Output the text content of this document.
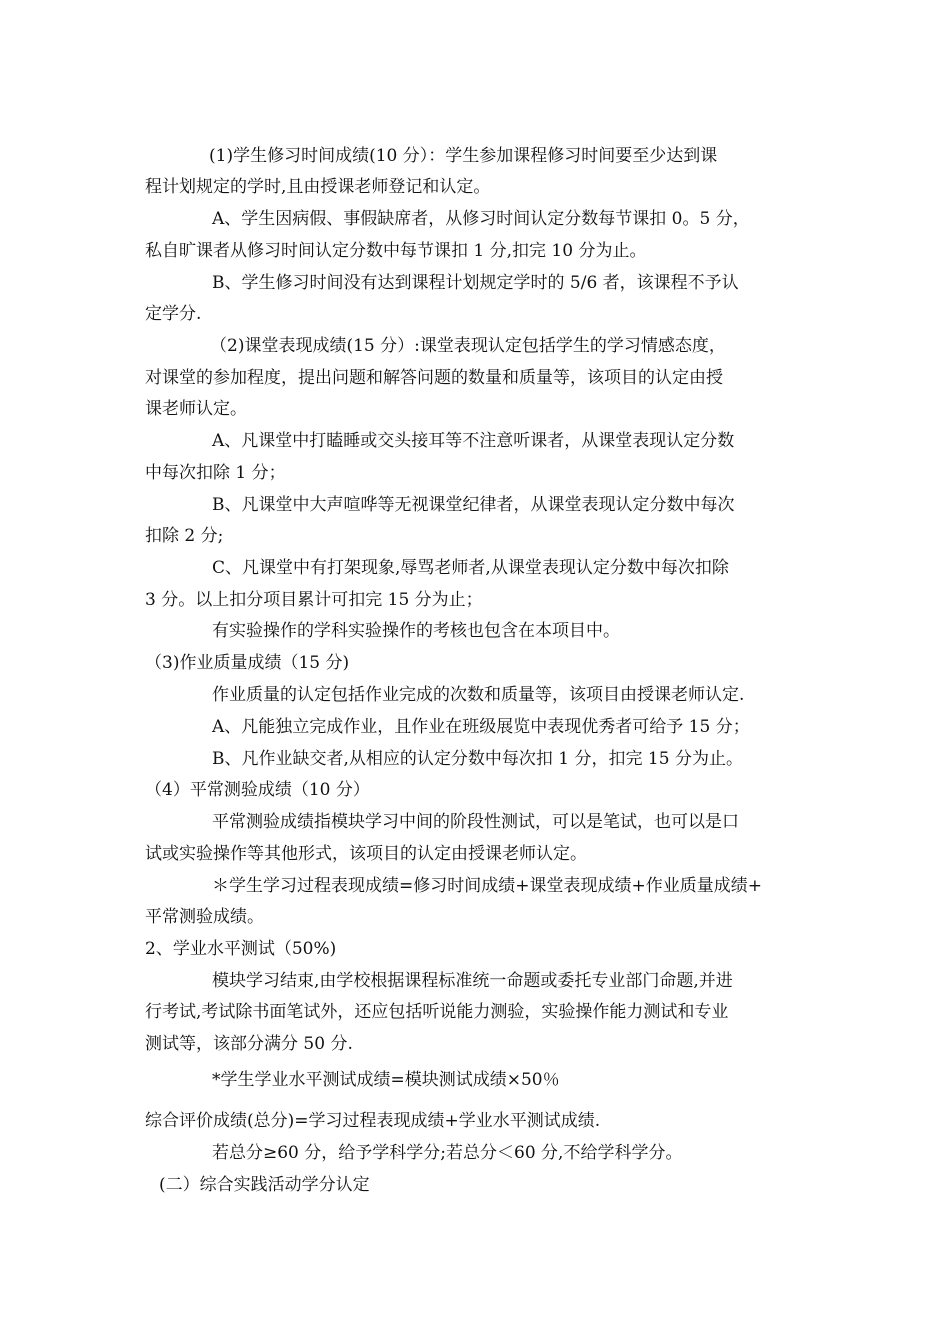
(1)学生修习时间成绩(10 分）：学生参加课程修习时间要至少达到课
程计划规定的学时,且由授课老师登记和认定。
A、学生因病假、事假缺席者，从修习时间认定分数每节课扣 0。5 分，
私自旷课者从修习时间认定分数中每节课扣 1 分,扣完 10 分为止。
B、学生修习时间没有达到课程计划规定学时的 5/6 者，该课程不予认
定学分.
（2)课堂表现成绩(15 分）:课堂表现认定包括学生的学习情感态度，
对课堂的参加程度，提出问题和解答问题的数量和质量等，该项目的认定由授
课老师认定。
A、凡课堂中打瞌睡或交头接耳等不注意听课者，从课堂表现认定分数
中每次扣除 1 分；
B、凡课堂中大声喧哗等无视课堂纪律者，从课堂表现认定分数中每次
扣除 2 分;
C、凡课堂中有打架现象,辱骂老师者,从课堂表现认定分数中每次扣除
3 分。以上扣分项目累计可扣完 15 分为止；
有实验操作的学科实验操作的考核也包含在本项目中。
（3)作业质量成绩（15 分)
作业质量的认定包括作业完成的次数和质量等，该项目由授课老师认定.
A、凡能独立完成作业，且作业在班级展览中表现优秀者可给予 15 分；
B、凡作业缺交者,从相应的认定分数中每次扣 1 分，扣完 15 分为止。
（4）平常测验成绩（10 分）
平常测验成绩指模块学习中间的阶段性测试，可以是笔试，也可以是口
试或实验操作等其他形式，该项目的认定由授课老师认定。
＊学生学习过程表现成绩=修习时间成绩+课堂表现成绩+作业质量成绩+
平常测验成绩。
2、学业水平测试（50%)
模块学习结束,由学校根据课程标准统一命题或委托专业部门命题,并进
行考试,考试除书面笔试外，还应包括听说能力测验，实验操作能力测试和专业
测试等，该部分满分 50 分.
*学生学业水平测试成绩=模块测试成绩×50％
综合评价成绩(总分)=学习过程表现成绩+学业水平测试成绩.
若总分≥60 分，给予学科学分;若总分＜60 分,不给学科学分。
(二）综合实践活动学分认定
